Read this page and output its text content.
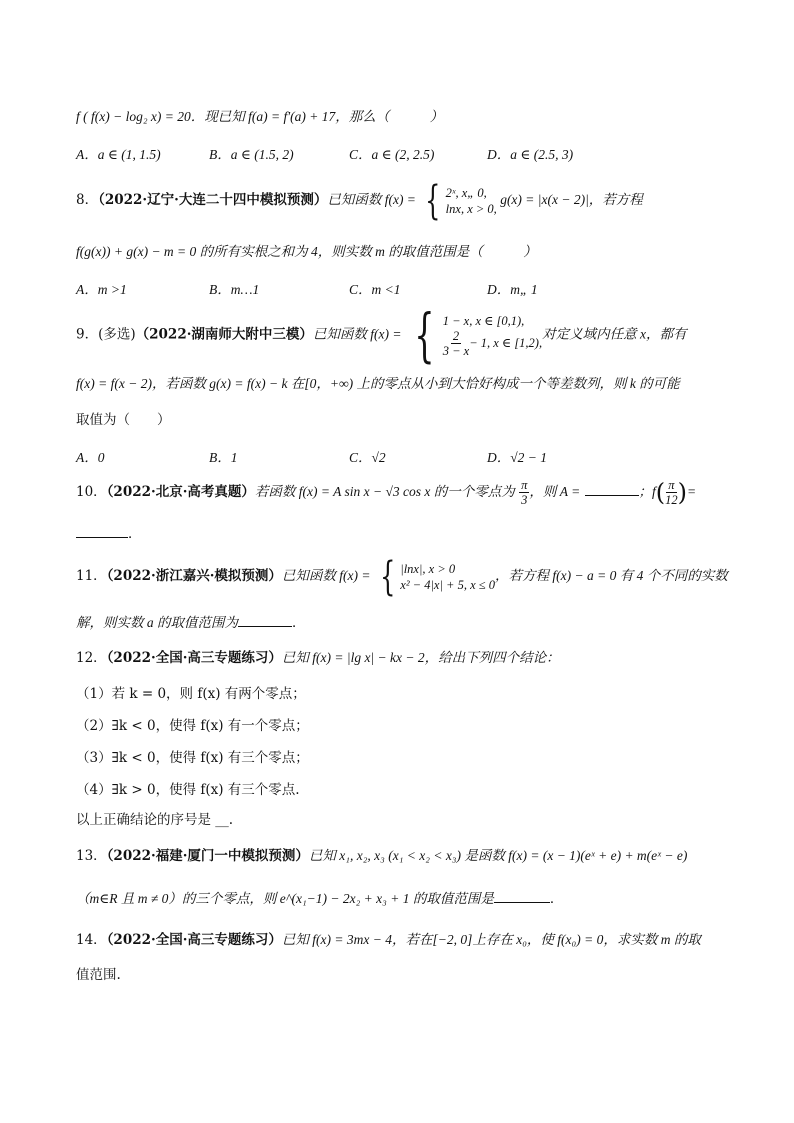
f ( f(x) − log₂ x) = 20．现已知 f(a) = f′(a) + 17，那么（　　　）
A．a ∈ (1, 1.5)	B．a ∈ (1.5, 2)	C．a ∈ (2, 2.5)	D．a ∈ (2.5, 3)
8．（2022·辽宁·大连二十四中模拟预测）已知函数 f(x) = { 2ˣ, x„ 0,
lnx, x > 0,
g(x) = |x(x − 2)|，若方程
f(g(x)) + g(x) − m = 0 的所有实根之和为 4，则实数 m 的取值范围是（　　　）
A．m >1	B．m…1	C．m <1	D．m„ 1
9．(多选)（2022·湖南师大附中三模）已知函数 f(x) = { 1 − x, x ∈ [0,1),
$\frac{2}{3 - x} - 1$, x ∈ [1,2),
对定义域内任意 x，都有
f(x) = f(x − 2)，若函数 g(x) = f(x) − k 在[0，+∞) 上的零点从小到大恰好构成一个等差数列，则 k 的可能
取值为（　　）
A．0	B．1	C．√2	D．√2 − 1
10．（2022·北京·高考真题）若函数 f(x) = A sin x − √3 cos x 的一个零点为 $\frac{\pi}{3}$ ，则 A =	；$f( \frac{\pi}{12}$ )=
．
11．（2022·浙江嘉兴·模拟预测）已知函数 f(x) = { |lnx|, x > 0
x² − 4|x| + 5, x ≤ 0
，若方程 f(x) − a = 0 有 4 个不同的实数
解，则实数 a 的取值范围为	．
12．（2022·全国·高三专题练习）已知 f(x) = |lg x| − kx − 2，给出下列四个结论：
（1）若 k = 0，则 f(x) 有两个零点；
（2）∃k < 0，使得 f(x) 有一个零点；
（3）∃k < 0，使得 f(x) 有三个零点；
（4）∃k > 0，使得 f(x) 有三个零点.
以上正确结论的序号是 __.
13．（2022·福建·厦门一中模拟预测）已知 x₁, x₂, x₃ (x₁ < x₂ < x₃) 是函数 f(x) = (x − 1)(eˣ + e) + m(eˣ − e)
（m∈R 且 m ≠ 0）的三个零点，则 e^(x₁−1) − 2x₂ + x₃ + 1 的取值范围是	．
14．（2022·全国·高三专题练习）已知 f(x) = 3mx − 4，若在[−2, 0]上存在 x₀，使 f(x₀) = 0，求实数 m 的取
值范围.
